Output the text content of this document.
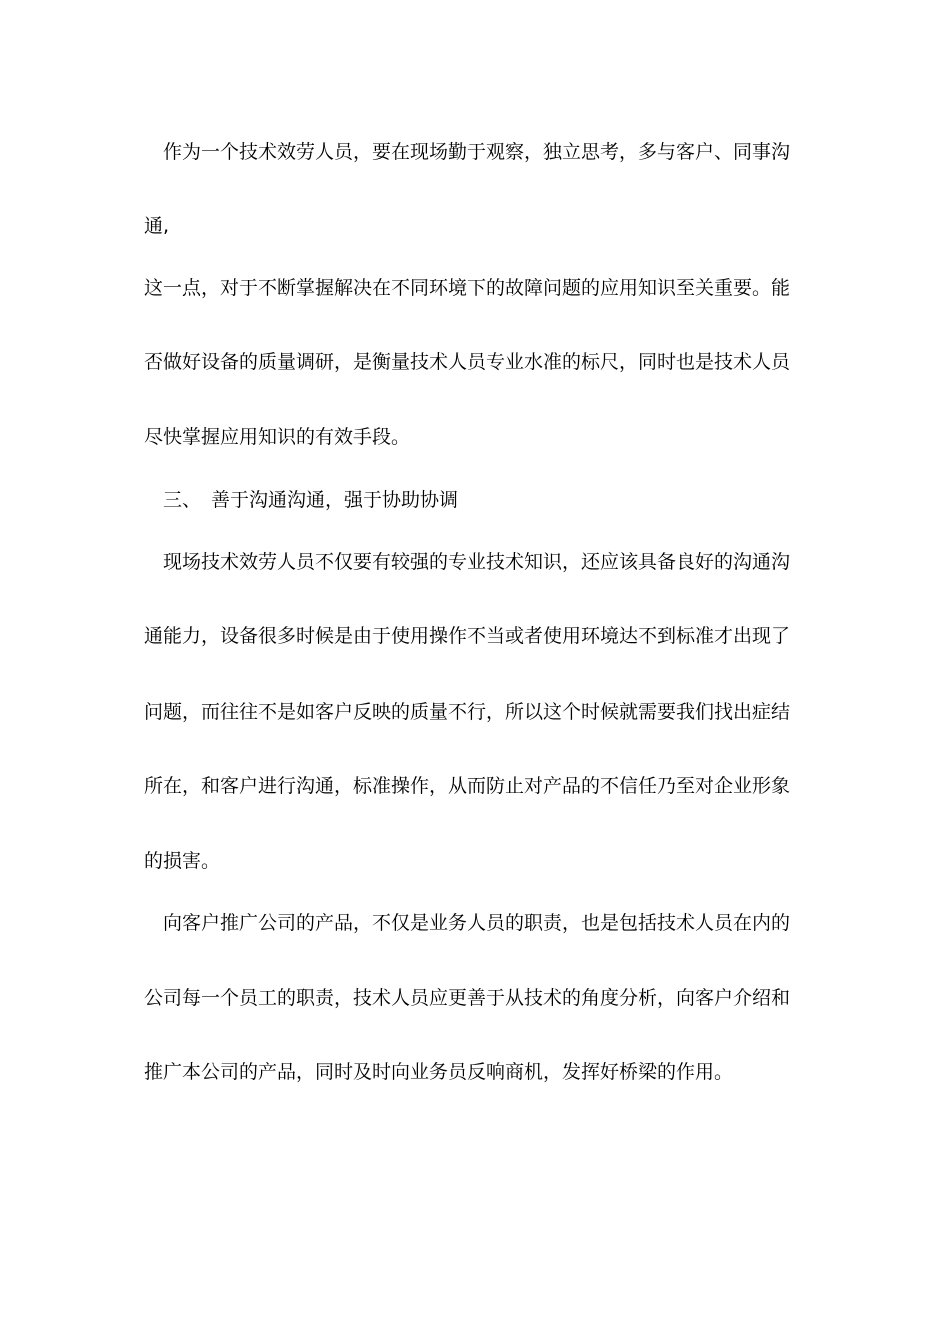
作为一个技术效劳人员，要在现场勤于观察，独立思考，多与客户、同事沟
通,
这一点，对于不断掌握解决在不同环境下的故障问题的应用知识至关重要。能
否做好设备的质量调研，是衡量技术人员专业水准的标尺，同时也是技术人员
尽快掌握应用知识的有效手段。
三、 善于沟通沟通，强于协助协调
现场技术效劳人员不仅要有较强的专业技术知识，还应该具备良好的沟通沟
通能力，设备很多时候是由于使用操作不当或者使用环境达不到标准才出现了
问题，而往往不是如客户反映的质量不行，所以这个时候就需要我们找出症结
所在，和客户进行沟通，标准操作，从而防止对产品的不信任乃至对企业形象
的损害。
向客户推广公司的产品，不仅是业务人员的职责，也是包括技术人员在内的
公司每一个员工的职责，技术人员应更善于从技术的角度分析，向客户介绍和
推广本公司的产品，同时及时向业务员反响商机，发挥好桥梁的作用。
